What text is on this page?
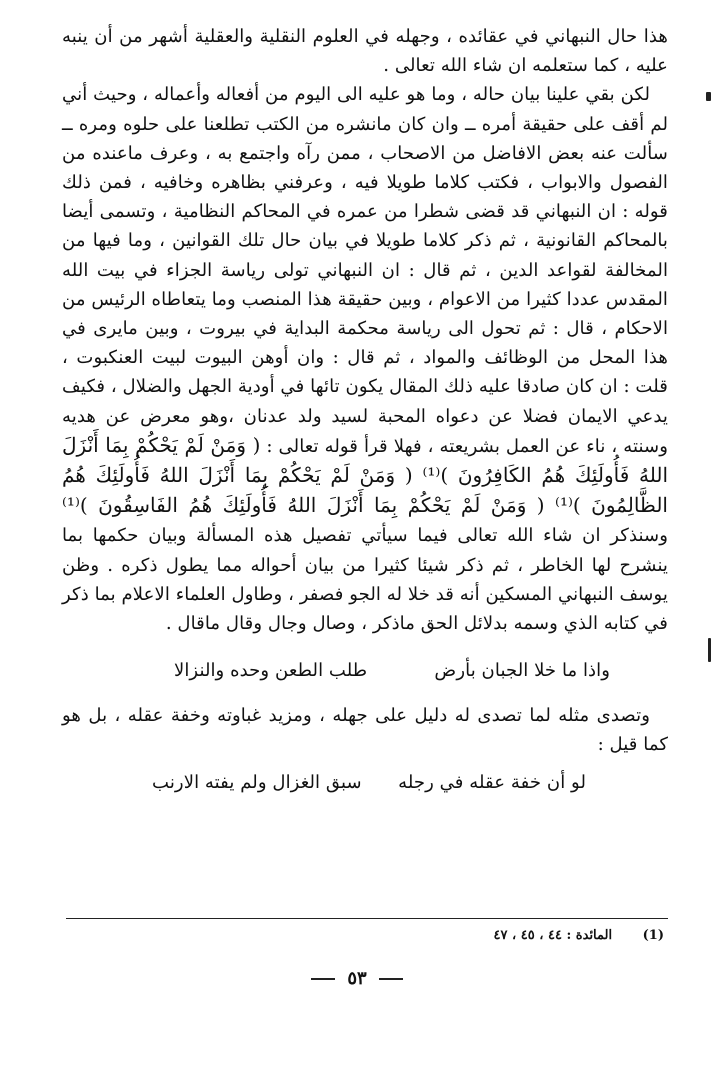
هذا حال النبهاني في عقائده ، وجهله في العلوم النقلية والعقلية أشهر من أن ينبه عليه ، كما ستعلمه ان شاء الله تعالى .

لكن بقي علينا بيان حاله ، وما هو عليه الى اليوم من أفعاله وأعماله ، وحيث أني لم أقف على حقيقة أمره ــ وان كان مانشره من الكتب تطلعنا على حلوه ومره ــ سألت عنه بعض الافاضل من الاصحاب ، ممن رآه واجتمع به ، وعرف ماعنده من الفصول والابواب ، فكتب كلاما طويلا فيه ، وعرفني بظاهره وخافيه ، فمن ذلك قوله : ان النبهاني قد قضى شطرا من عمره في المحاكم النظامية ، وتسمى أيضا بالمحاكم القانونية ، ثم ذكر كلاما طويلا في بيان حال تلك القوانين ، وما فيها من المخالفة لقواعد الدين ، ثم قال : ان النبهاني تولى رياسة الجزاء في بيت الله المقدس عددا كثيرا من الاعوام ، وبين حقيقة هذا المنصب وما يتعاطاه الرئيس من الاحكام ، قال : ثم تحول الى رياسة محكمة البداية في بيروت ، وبين مايرى في هذا المحل من الوظائف والمواد ، ثم قال : وان أوهن البيوت لبيت العنكبوت ، قلت : ان كان صادقا عليه ذلك المقال يكون تائها في أودية الجهل والضلال ، فكيف يدعي الايمان فضلا عن دعواه المحبة لسيد ولد عدنان ،وهو معرض عن هديه وسنته ، ناء عن العمل بشريعته ، فهلا قرأ قوله تعالى : ( وَمَنْ لَمْ يَحْكُمْ بِمَا أَنْزَلَ اللهُ فَأُولَئِكَ هُمُ الكَافِرُونَ )⁽¹⁾ ( وَمَنْ لَمْ يَحْكُمْ بِمَا أَنْزَلَ اللهُ فَأُولَئِكَ هُمُ الظَّالِمُونَ )⁽¹⁾ ( وَمَنْ لَمْ يَحْكُمْ بِمَا أَنْزَلَ اللهُ فَأُولَئِكَ هُمُ الفَاسِقُونَ )⁽¹⁾ وسنذكر ان شاء الله تعالى فيما سيأتي تفصيل هذه المسألة وبيان حكمها بما ينشرح لها الخاطر ، ثم ذكر شيئا كثيرا من بيان أحواله مما يطول ذكره . وظن يوسف النبهاني المسكين أنه قد خلا له الجو فصفر ، وطاول العلماء الاعلام بما ذكر في كتابه الذي وسمه بدلائل الحق ماذكر ، وصال وجال وقال ماقال .

واذا ما خلا الجبان بأرض
طلب الطعن وحده والنزالا

وتصدى مثله لما تصدى له دليل على جهله ، ومزيد غباوته وخفة عقله ، بل هو كما قيل :

لو أن خفة عقله في رجله
سبق الغزال ولم يفته الارنب
(1) المائدة : ٤٤ ، ٤٥ ، ٤٧
٥٣
